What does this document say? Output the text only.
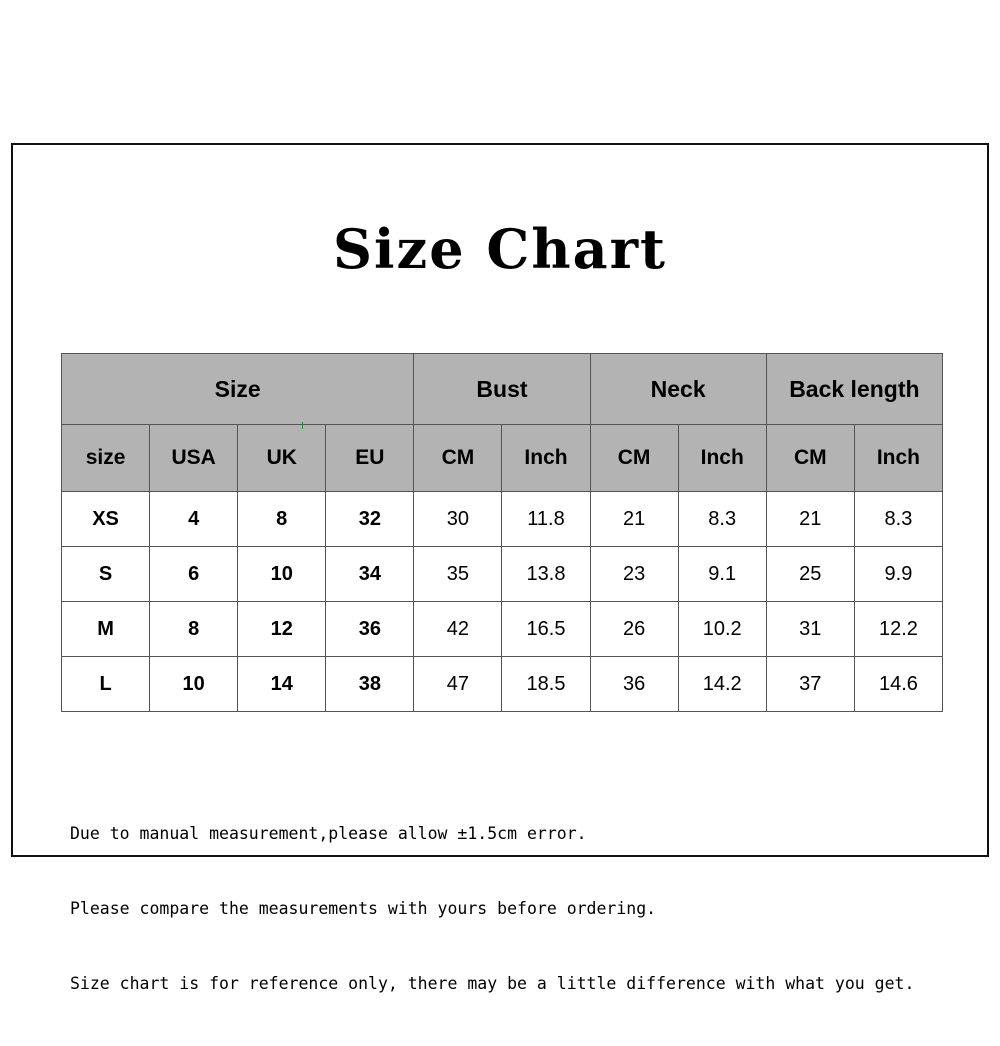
Size Chart
Size				Bust		Neck		Back length	
size	USA	UK	EU	CM	Inch	CM	Inch	CM	Inch
XS	4	8	32	30	11.8	21	8.3	21	8.3
S	6	10	34	35	13.8	23	9.1	25	9.9
M	8	12	36	42	16.5	26	10.2	31	12.2
L	10	14	38	47	18.5	36	14.2	37	14.6

Due to manual measurement,please allow ±1.5cm error.

Please compare the measurements with yours before ordering.

Size chart is for reference only, there may be a little difference with what you get.
